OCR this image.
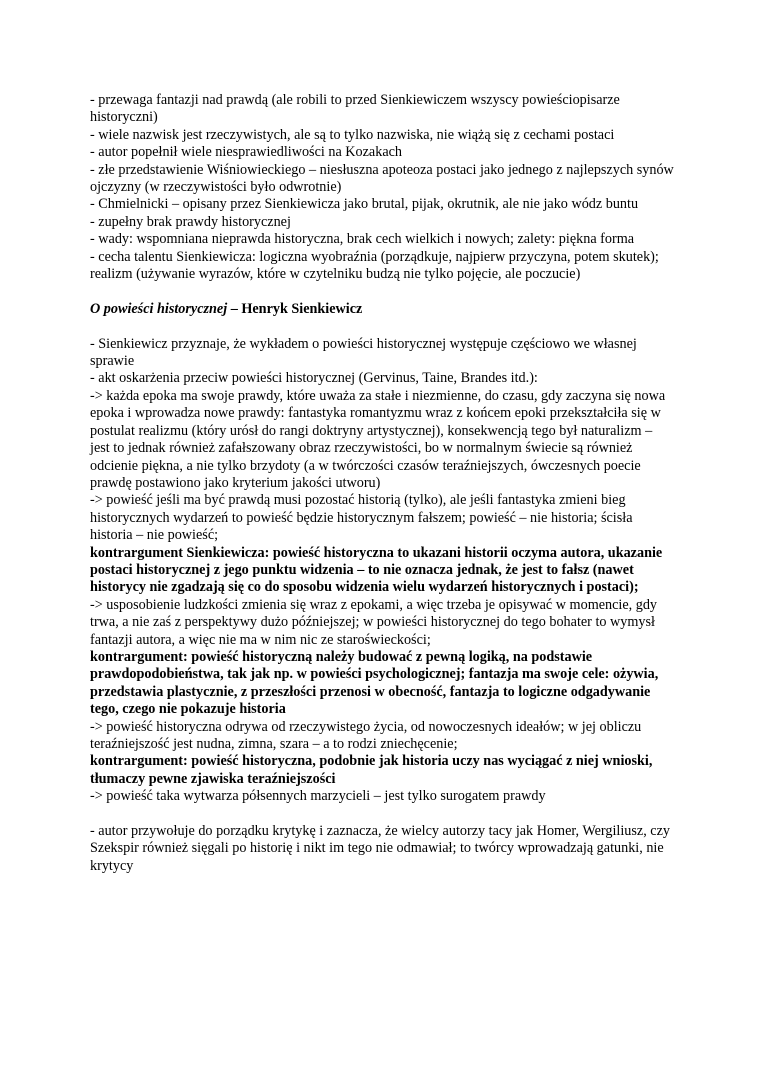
- przewaga fantazji nad prawdą (ale robili to przed Sienkiewiczem wszyscy powieściopisarze historyczni)

- wiele nazwisk jest rzeczywistych, ale są to tylko nazwiska, nie wiążą się z cechami postaci

- autor popełnił wiele niesprawiedliwości na Kozakach

- złe przedstawienie Wiśniowieckiego – niesłuszna apoteoza postaci jako jednego z najlepszych synów ojczyzny (w rzeczywistości było odwrotnie)

- Chmielnicki – opisany przez Sienkiewicza jako brutal, pijak, okrutnik, ale nie jako wódz buntu

- zupełny brak prawdy historycznej

- wady: wspomniana nieprawda historyczna, brak cech wielkich i nowych; zalety: piękna forma

- cecha talentu Sienkiewicza: logiczna wyobraźnia (porządkuje, najpierw przyczyna, potem skutek); realizm (używanie wyrazów, które w czytelniku budzą nie tylko pojęcie, ale poczucie)

O powieści historycznej – Henryk Sienkiewicz

- Sienkiewicz przyznaje, że wykładem o powieści historycznej występuje częściowo we własnej sprawie

- akt oskarżenia przeciw powieści historycznej (Gervinus, Taine, Brandes itd.):

-> każda epoka ma swoje prawdy, które uważa za stałe i niezmienne, do czasu, gdy zaczyna się nowa epoka i wprowadza nowe prawdy: fantastyka romantyzmu wraz z końcem epoki przekształciła się w postulat realizmu (który urósł do rangi doktryny artystycznej), konsekwencją tego był naturalizm – jest to jednak również zafałszowany obraz rzeczywistości, bo w normalnym świecie są również odcienie piękna, a nie tylko brzydoty (a w twórczości czasów teraźniejszych, ówczesnych poecie prawdę postawiono jako kryterium jakości utworu)

-> powieść jeśli ma być prawdą musi pozostać historią (tylko), ale jeśli fantastyka zmieni bieg historycznych wydarzeń to powieść będzie historycznym fałszem; powieść – nie historia; ścisła historia – nie powieść;

kontrargument Sienkiewicza: powieść historyczna to ukazani historii oczyma autora, ukazanie postaci historycznej z jego punktu widzenia – to nie oznacza jednak, że jest to fałsz (nawet historycy nie zgadzają się co do sposobu widzenia wielu wydarzeń historycznych i postaci);

-> usposobienie ludzkości zmienia się wraz z epokami, a więc trzeba je opisywać w momencie, gdy trwa, a nie zaś z perspektywy dużo późniejszej; w powieści historycznej do tego bohater to wymysł fantazji autora, a więc nie ma w nim nic ze staroświeckości;

kontrargument: powieść historyczną należy budować z pewną logiką, na podstawie prawdopodobieństwa, tak jak np. w powieści psychologicznej; fantazja ma swoje cele: ożywia, przedstawia plastycznie, z przeszłości przenosi w obecność, fantazja to logiczne odgadywanie tego, czego nie pokazuje historia

-> powieść historyczna odrywa od rzeczywistego życia, od nowoczesnych ideałów; w jej obliczu teraźniejszość jest nudna, zimna, szara – a to rodzi zniechęcenie;

kontrargument: powieść historyczna, podobnie jak historia uczy nas wyciągać z niej wnioski, tłumaczy pewne zjawiska teraźniejszości

-> powieść taka wytwarza półsennych marzycieli – jest tylko surogatem prawdy

- autor przywołuje do porządku krytykę i zaznacza, że wielcy autorzy tacy jak Homer, Wergiliusz, czy Szekspir również sięgali po historię i nikt im tego nie odmawiał; to twórcy wprowadzają gatunki, nie krytycy
